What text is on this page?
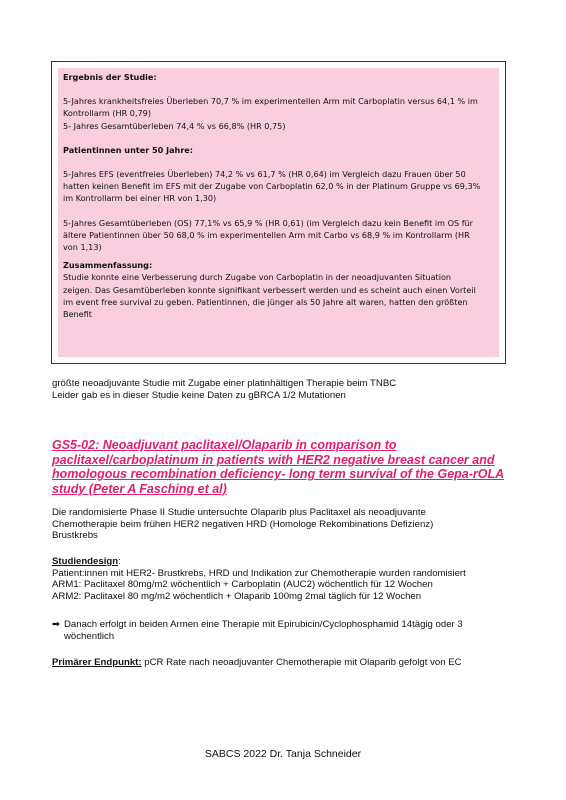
Ergebnis der Studie:

5-Jahres krankheitsfreies Überleben 70,7 % im experimentellen Arm mit Carboplatin versus 64,1 % im

Kontrollarm (HR 0,79)

5- Jahres Gesamtüberleben 74,4 % vs 66,8% (HR 0,75)

Patientinnen unter 50 Jahre:

5-Jahres EFS (eventfreies Überleben) 74,2 % vs 61,7 % (HR 0,64) im Vergleich dazu Frauen über 50

hatten keinen Benefit im EFS mit der Zugabe von Carboplatin 62,0 % in der Platinum Gruppe vs 69,3%

im Kontrollarm bei einer HR von 1,30)

5-Jahres Gesamtüberleben (OS) 77,1% vs 65,9 % (HR 0,61) (im Vergleich dazu kein Benefit im OS für

ältere Patientinnen über 50 68,0 % im experimentellen Arm mit Carbo vs 68,9 % im Kontrollarm (HR

von 1,13)

Zusammenfassung:

Studie konnte eine Verbesserung durch Zugabe von Carboplatin in der neoadjuvanten Situation

zeigen. Das Gesamtüberleben konnte signifikant verbessert werden und es scheint auch einen Vorteil

im event free survival zu geben. Patientinnen, die jünger als 50 Jahre alt waren, hatten den größten

Benefit

größte neoadjuvante Studie mit Zugabe einer platinhältigen Therapie beim TNBC
Leider gab es in dieser Studie keine Daten zu gBRCA 1/2 Mutationen
GS5-02: Neoadjuvant paclitaxel/Olaparib in comparison to
paclitaxel/carboplatinum in patients with HER2 negative breast cancer and
homologous recombination deficiency- long term survival of the Gepa-rOLA
study (Peter A Fasching et al)
Die randomisierte Phase II Studie untersuchte Olaparib plus Paclitaxel als neoadjuvante
Chemotherapie beim frühen HER2 negativen HRD (Homologe Rekombinations Defizienz)
Brustkrebs
Studiendesign:
Patient:innen mit HER2- Brustkrebs, HRD und Indikation zur Chemotherapie wurden randomisiert
ARM1: Paclitaxel 80mg/m2 wöchentlich + Carboplatin (AUC2) wöchentlich für 12 Wochen
ARM2: Paclitaxel 80 mg/m2 wöchentlich + Olaparib 100mg 2mal täglich für 12 Wochen
➡ Danach erfolgt in beiden Armen eine Therapie mit Epirubicin/Cyclophosphamid 14tägig oder 3
wöchentlich
Primärer Endpunkt: pCR Rate nach neoadjuvanter Chemotherapie mit Olaparib gefolgt von EC
SABCS 2022 Dr. Tanja Schneider
